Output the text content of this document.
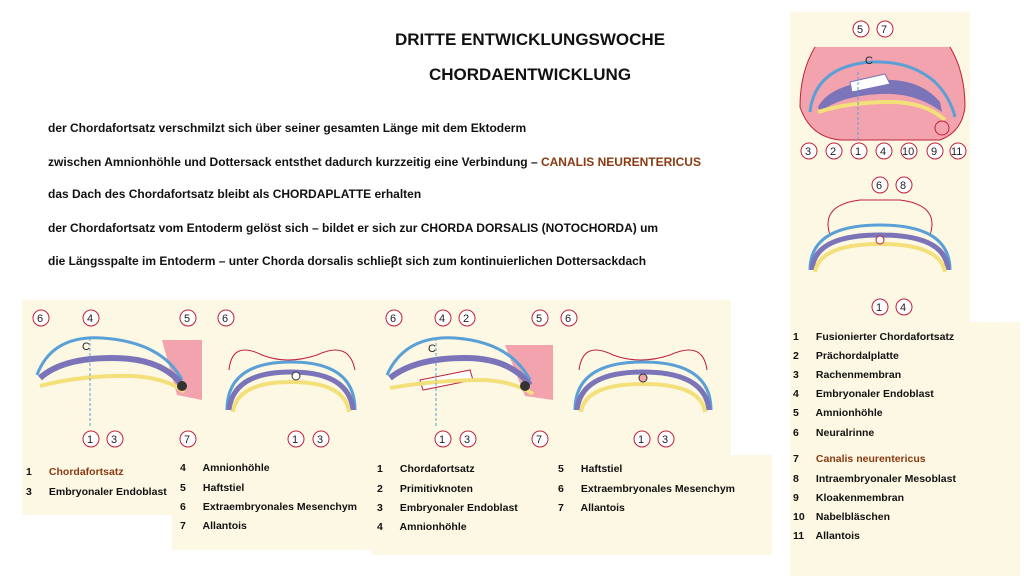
DRITTE ENTWICKLUNGSWOCHE
CHORDAENTWICKLUNG
der Chordafortsatz verschmilzt sich über seiner gesamten Länge mit dem Ektoderm
zwischen Amnionhöhle und Dottersack entsthet dadurch kurzzeitig eine Verbindung – CANALIS NEURENTERICUS
das Dach des Chordafortsatz bleibt als CHORDAPLATTE erhalten
der Chordafortsatz vom Entoderm gelöst sich – bildet er sich zur CHORDA DORSALIS (NOTOCHORDA) um
die Längsspalte im Entoderm – unter Chorda dorsalis schlieβt sich zum kontinuierlichen Dottersackdach
C
5 7
3 2 1 4 10 9 11
6 8
1 4
C
6	4	5
1 3	7
6
1 3
C
6	4 2	5
1 3	7
6
1 3
1 Chordafortsatz
3 Embryonaler Endoblast
4 Amnionhöhle
5 Haftstiel
6 Extraembryonales Mesenchym
7 Allantois
1 Chordafortsatz
2 Primitivknoten
3 Embryonaler Endoblast
4 Amnionhöhle
5 Haftstiel
6 Extraembryonales Mesenchym
7 Allantois
1 Fusionierter Chordafortsatz
2 Prächordalplatte
3 Rachenmembran
4 Embryonaler Endoblast
5 Amnionhöhle
6 Neuralrinne
7 Canalis neurentericus
8 Intraembryonaler Mesoblast
9 Kloakenmembran
10 Nabelbläschen
11 Allantois
